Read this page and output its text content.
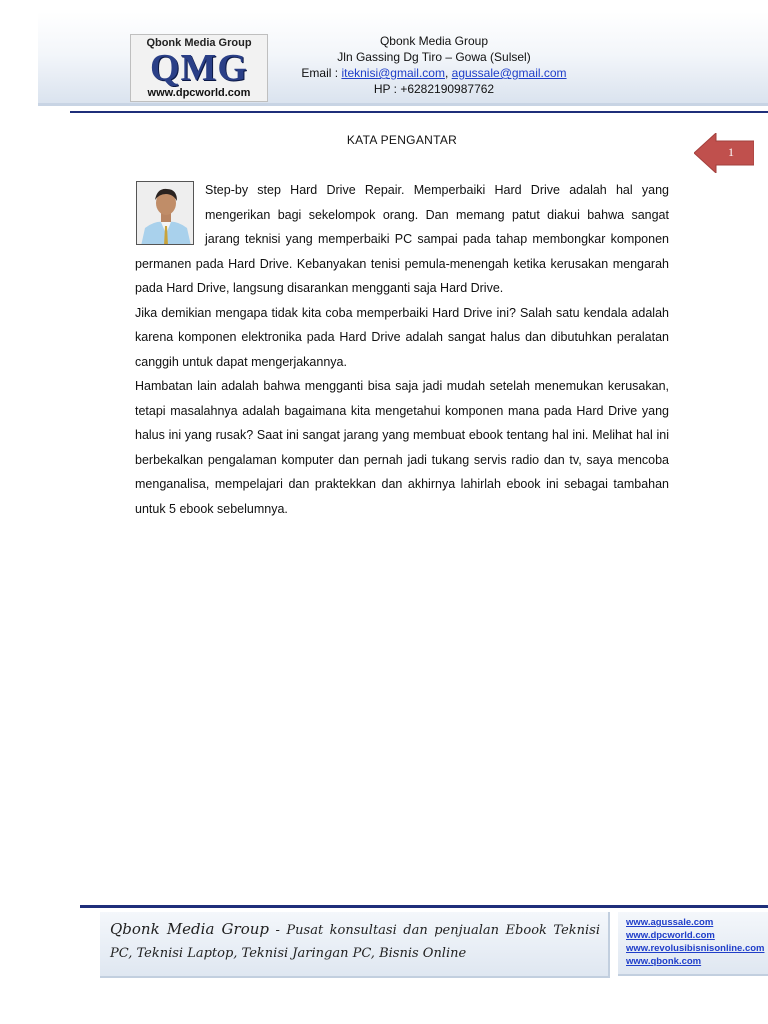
Qbonk Media Group
QMG
www.dpcworld.com
Qbonk Media Group
Jln Gassing Dg Tiro – Gowa (Sulsel)
Email : iteknisi@gmail.com, agussale@gmail.com
HP : +6282190987762
KATA PENGANTAR
1

Step-by step Hard Drive Repair. Memperbaiki Hard Drive adalah hal yang mengerikan bagi sekelompok orang. Dan memang patut diakui bahwa sangat jarang teknisi yang memperbaiki PC sampai pada tahap membongkar komponen permanen pada Hard Drive. Kebanyakan tenisi pemula-menengah ketika kerusakan mengarah pada Hard Drive, langsung disarankan mengganti saja Hard Drive.

Jika demikian mengapa tidak kita coba memperbaiki Hard Drive ini? Salah satu kendala adalah karena komponen elektronika pada Hard Drive adalah sangat halus dan dibutuhkan peralatan canggih untuk dapat mengerjakannya.

Hambatan lain adalah bahwa mengganti bisa saja jadi mudah setelah menemukan kerusakan, tetapi masalahnya adalah bagaimana kita mengetahui komponen mana pada Hard Drive yang halus ini yang rusak? Saat ini sangat jarang yang membuat ebook tentang hal ini. Melihat hal ini berbekalkan pengalaman komputer dan pernah jadi tukang servis radio dan tv, saya mencoba menganalisa, mempelajari dan praktekkan dan akhirnya lahirlah ebook ini sebagai tambahan untuk 5 ebook sebelumnya.

Qbonk Media Group - Pusat konsultasi dan penjualan Ebook Teknisi PC, Teknisi Laptop, Teknisi Jaringan PC, Bisnis Online
www.agussale.com
www.dpcworld.com
www.revolusibisnisonline.com
www.qbonk.com
